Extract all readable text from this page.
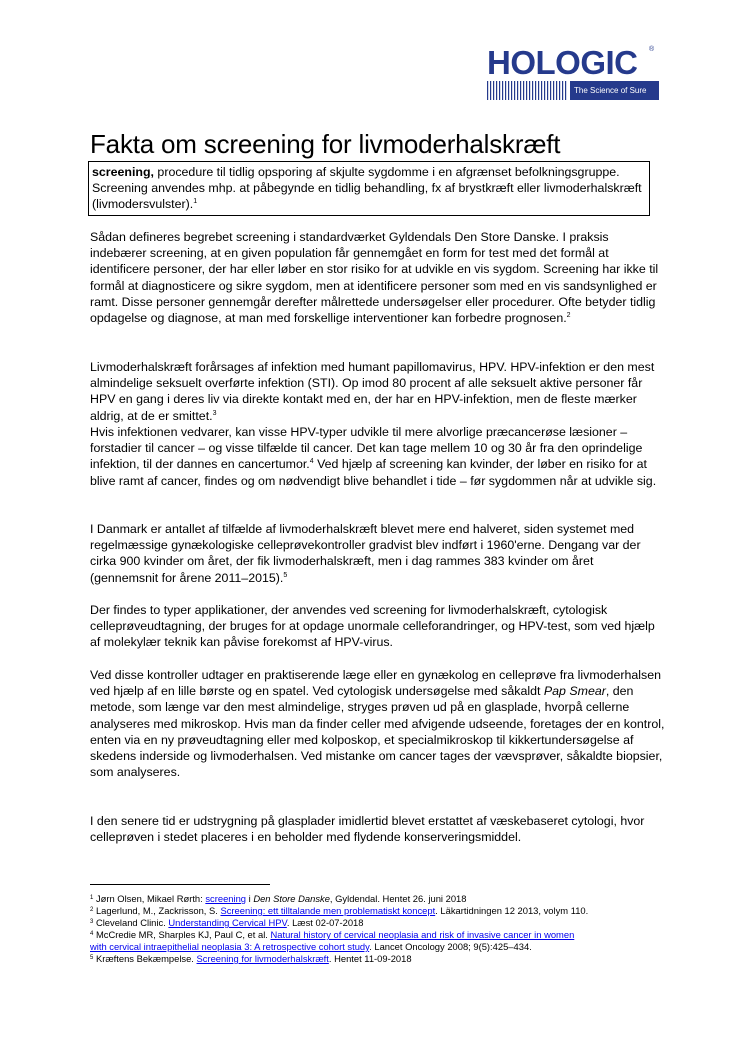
HOLOGIC ®
The Science of Sure
Fakta om screening for livmoderhalskræft
screening, procedure til tidlig opsporing af skjulte sygdomme i en afgrænset befolkningsgruppe. Screening anvendes mhp. at påbegynde en tidlig behandling, fx af brystkræft eller livmoderhalskræft (livmodersvulster).$^1$

Sådan defineres begrebet screening i standardværket Gyldendals Den Store Danske. I praksis indebærer screening, at en given population får gennemgået en form for test med det formål at identificere personer, der har eller løber en stor risiko for at udvikle en vis sygdom. Screening har ikke til formål at diagnosticere og sikre sygdom, men at identificere personer som med en vis sandsynlighed er ramt. Disse personer gennemgår derefter målrettede undersøgelser eller procedurer. Ofte betyder tidlig opdagelse og diagnose, at man med forskellige interventioner kan forbedre prognosen.$^2$

Livmoderhalskræft forårsages af infektion med humant papillomavirus, HPV. HPV-infektion er den mest almindelige seksuelt overførte infektion (STI). Op imod 80 procent af alle seksuelt aktive personer får HPV en gang i deres liv via direkte kontakt med en, der har en HPV-infektion, men de fleste mærker aldrig, at de er smittet.$^3$

Hvis infektionen vedvarer, kan visse HPV-typer udvikle til mere alvorlige præcancerøse læsioner – forstadier til cancer – og visse tilfælde til cancer. Det kan tage mellem 10 og 30 år fra den oprindelige infektion, til der dannes en cancertumor.$^4$ Ved hjælp af screening kan kvinder, der løber en risiko for at blive ramt af cancer, findes og om nødvendigt blive behandlet i tide – før sygdommen når at udvikle sig.

I Danmark er antallet af tilfælde af livmoderhalskræft blevet mere end halveret, siden systemet med regelmæssige gynækologiske celleprøvekontroller gradvist blev indført i 1960'erne. Dengang var der cirka 900 kvinder om året, der fik livmoderhalskræft, men i dag rammes 383 kvinder om året (gennemsnit for årene 2011–2015).$^5$

Der findes to typer applikationer, der anvendes ved screening for livmoderhalskræft, cytologisk celleprøveudtagning, der bruges for at opdage unormale celleforandringer, og HPV-test, som ved hjælp af molekylær teknik kan påvise forekomst af HPV-virus.

Ved disse kontroller udtager en praktiserende læge eller en gynækolog en celleprøve fra livmoderhalsen ved hjælp af en lille børste og en spatel. Ved cytologisk undersøgelse med såkaldt Pap Smear, den metode, som længe var den mest almindelige, stryges prøven ud på en glasplade, hvorpå cellerne analyseres med mikroskop. Hvis man da finder celler med afvigende udseende, foretages der en kontrol, enten via en ny prøveudtagning eller med kolposkop, et specialmikroskop til kikkertundersøgelse af skedens inderside og livmoderhalsen. Ved mistanke om cancer tages der vævsprøver, såkaldte biopsier, som analyseres.

I den senere tid er udstrygning på glasplader imidlertid blevet erstattet af væskebaseret cytologi, hvor celleprøven i stedet placeres i en beholder med flydende konserveringsmiddel.

$^1$ Jørn Olsen, Mikael Rørth: screening i Den Store Danske, Gyldendal. Hentet 26. juni 2018
$^2$ Lagerlund, M., Zackrisson, S. Screening: ett tilltalande men problematiskt koncept. Läkartidningen 12 2013, volym 110.
$^3$ Cleveland Clinic. Understanding Cervical HPV. Læst 02-07-2018
$^4$ McCredie MR, Sharples KJ, Paul C, et al. Natural history of cervical neoplasia and risk of invasive cancer in women
with cervical intraepithelial neoplasia 3: A retrospective cohort study. Lancet Oncology 2008; 9(5):425–434.
$^5$ Kræftens Bekæmpelse. Screening for livmoderhalskræft. Hentet 11-09-2018
